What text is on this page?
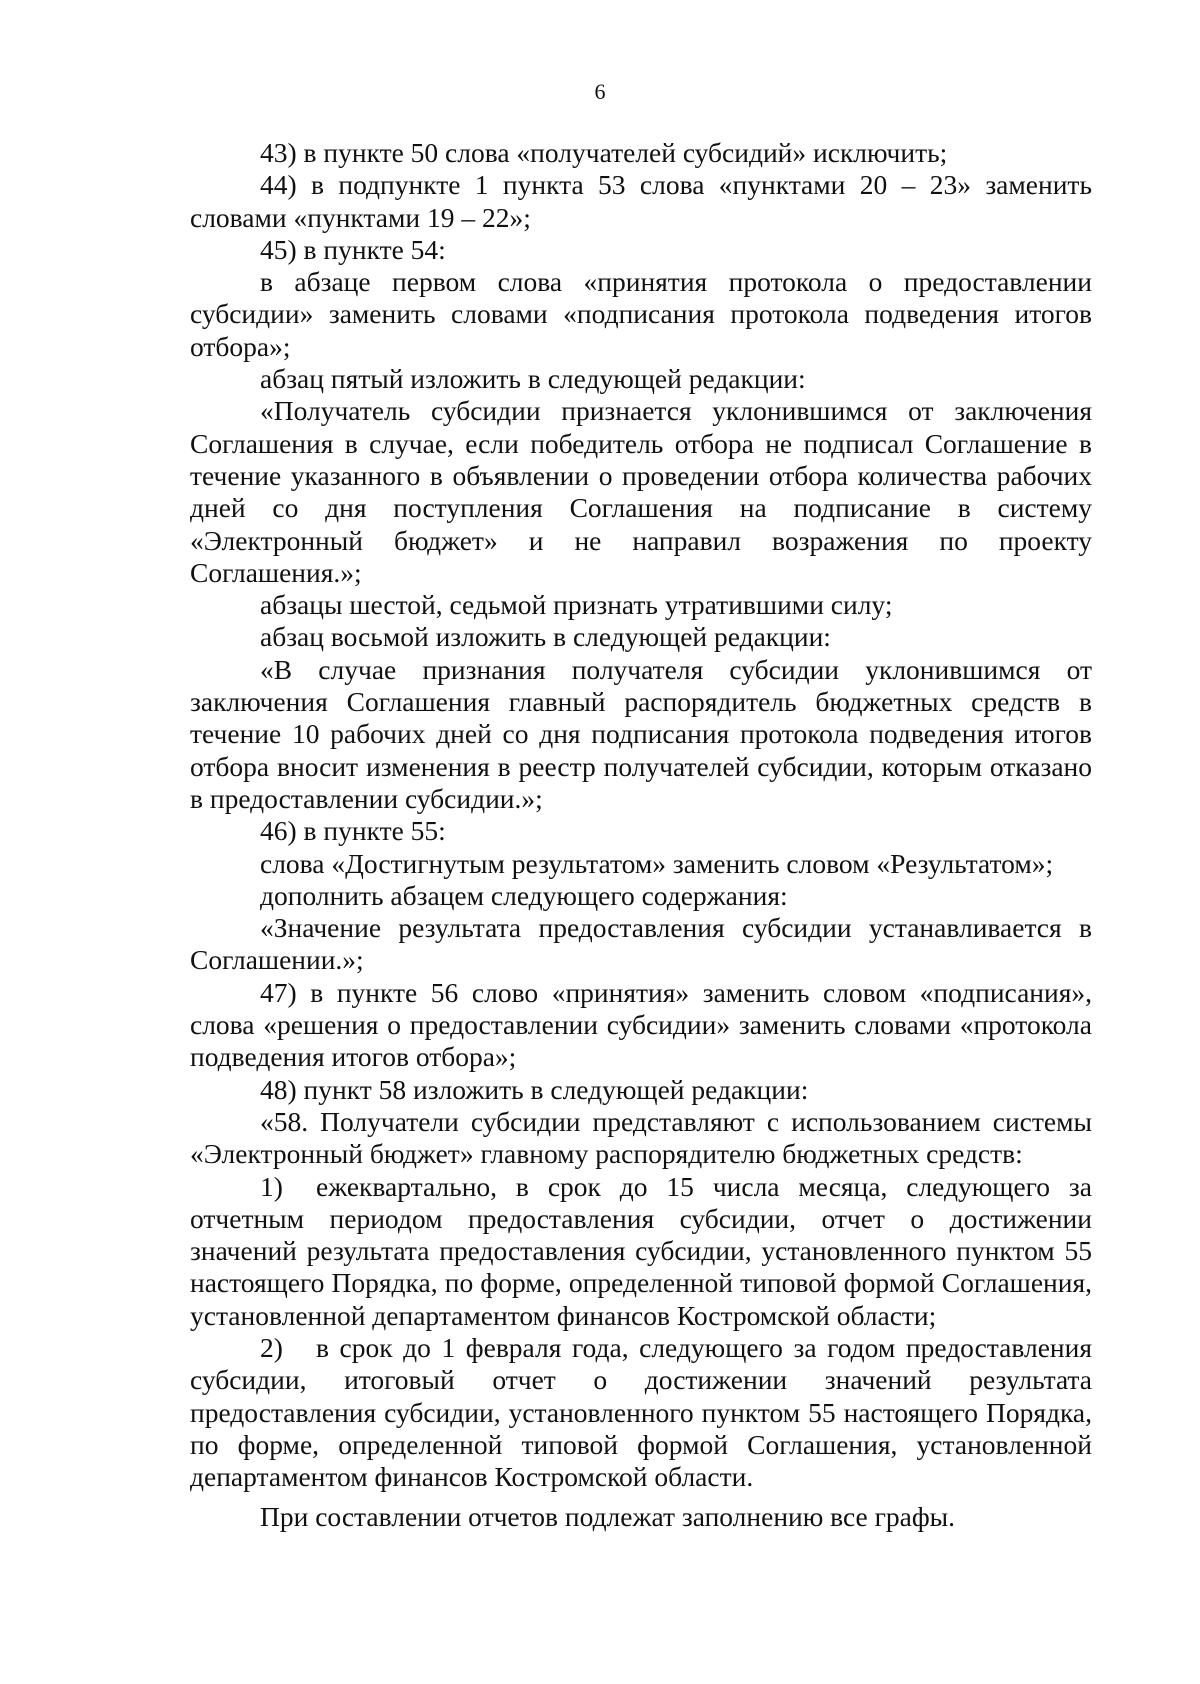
6

43) в пункте 50 слова «получателей субсидий» исключить;

44) в подпункте 1 пункта 53 слова «пунктами 20 – 23» заменить словами «пунктами 19 – 22»;

45) в пункте 54:

в абзаце первом слова «принятия протокола о предоставлении субсидии» заменить словами «подписания протокола подведения итогов отбора»;

абзац пятый изложить в следующей редакции:

«Получатель субсидии признается уклонившимся от заключения Соглашения в случае, если победитель отбора не подписал Соглашение в течение указанного в объявлении о проведении отбора количества рабочих дней со дня поступления Соглашения на подписание в систему «Электронный бюджет» и не направил возражения по проекту Соглашения.»;

абзацы шестой, седьмой признать утратившими силу;

абзац восьмой изложить в следующей редакции:

«В случае признания получателя субсидии уклонившимся от заключения Соглашения главный распорядитель бюджетных средств в течение 10 рабочих дней со дня подписания протокола подведения итогов отбора вносит изменения в реестр получателей субсидии, которым отказано в предоставлении субсидии.»;

46) в пункте 55:

слова «Достигнутым результатом» заменить словом «Результатом»;

дополнить абзацем следующего содержания:

«Значение результата предоставления субсидии устанавливается в Соглашении.»;

47) в пункте 56 слово «принятия» заменить словом «подписания», слова «решения о предоставлении субсидии» заменить словами «протокола подведения итогов отбора»;

48) пункт 58 изложить в следующей редакции:

«58. Получатели субсидии представляют с использованием системы «Электронный бюджет» главному распорядителю бюджетных средств:

1) ежеквартально, в срок до 15 числа месяца, следующего за отчетным периодом предоставления субсидии, отчет о достижении значений результата предоставления субсидии, установленного пунктом 55 настоящего Порядка, по форме, определенной типовой формой Соглашения, установленной департаментом финансов Костромской области;

2) в срок до 1 февраля года, следующего за годом предоставления субсидии, итоговый отчет о достижении значений результата предоставления субсидии, установленного пунктом 55 настоящего Порядка, по форме, определенной типовой формой Соглашения, установленной департаментом финансов Костромской области.

При составлении отчетов подлежат заполнению все графы.
